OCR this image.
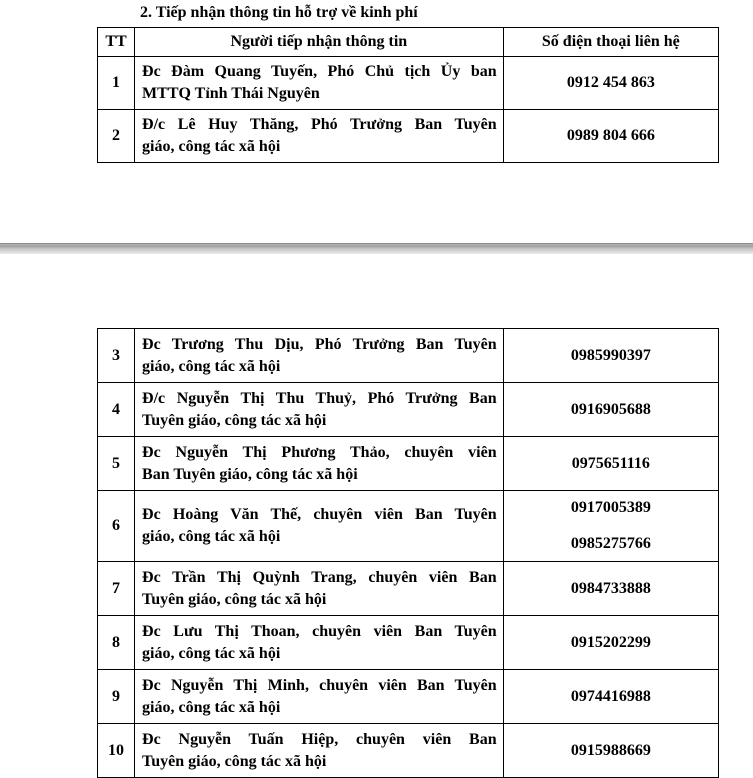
2. Tiếp nhận thông tin hỗ trợ về kinh phí
TT	Người tiếp nhận thông tin	Số điện thoại liên hệ
1	Đc Đàm Quang Tuyến, Phó Chủ tịch Ủy ban
MTTQ Tỉnh Thái Nguyên	0912 454 863
2	Đ/c Lê Huy Thăng, Phó Trưởng Ban Tuyên
giáo, công tác xã hội	0989 804 666
3	Đc Trương Thu Dịu, Phó Trưởng Ban Tuyên
giáo, công tác xã hội	0985990397
4	Đ/c Nguyễn Thị Thu Thuỷ, Phó Trưởng Ban
Tuyên giáo, công tác xã hội	0916905688
5	Đc Nguyễn Thị Phương Thảo, chuyên viên
Ban Tuyên giáo, công tác xã hội	0975651116
6	Đc Hoàng Văn Thế, chuyên viên Ban Tuyên
giáo, công tác xã hội	0917005389
0985275766

7	Đc Trần Thị Quỳnh Trang, chuyên viên Ban
Tuyên giáo, công tác xã hội	0984733888
8	Đc Lưu Thị Thoan, chuyên viên Ban Tuyên
giáo, công tác xã hội	0915202299
9	Đc Nguyễn Thị Minh, chuyên viên Ban Tuyên
giáo, công tác xã hội	0974416988
10	Đc Nguyễn Tuấn Hiệp, chuyên viên Ban
Tuyên giáo, công tác xã hội	0915988669
